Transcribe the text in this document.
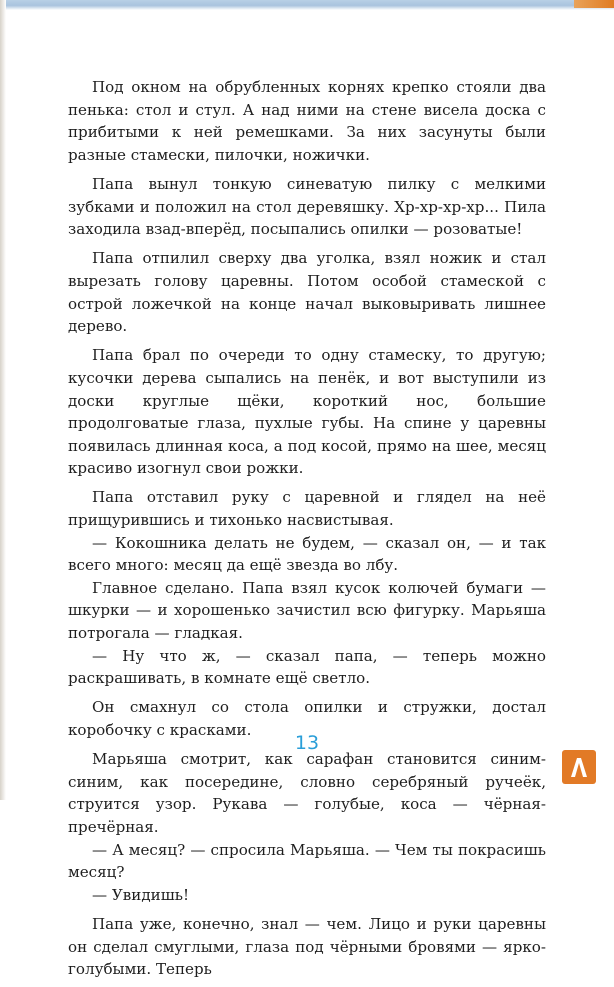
Под окном на обрубленных корнях крепко стояли два пенька: стол и стул. А над ними на стене висела доска с прибитыми к ней ремешками. За них засунуты были разные стамески, пилочки, ножички.

Папа вынул тонкую синеватую пилку с мелкими зубками и положил на стол деревяшку. Хр-хр-хр-хр... Пила заходила взад-вперёд, посыпались опилки — розоватые!

Папа отпилил сверху два уголка, взял ножик и стал вырезать голову царевны. Потом особой стамеской с острой ложечкой на конце начал выковыривать лишнее дерево.

Папа брал по очереди то одну стамеску, то другую; кусочки дерева сыпались на пенёк, и вот выступили из доски круглые щёки, короткий нос, большие продолговатые глаза, пухлые губы. На спине у царевны появилась длинная коса, а под косой, прямо на шее, месяц красиво изогнул свои рожки.

Папа отставил руку с царевной и глядел на неё прищурившись и тихонько насвистывая.

— Кокошника делать не будем, — сказал он, — и так всего много: месяц да ещё звезда во лбу.

Главное сделано. Папа взял кусок колючей бумаги — шкурки — и хорошенько зачистил всю фигурку. Марьяша потрогала — гладкая.

— Ну что ж, — сказал папа, — теперь можно раскрашивать, в комнате ещё светло.

Он смахнул со стола опилки и стружки, достал коробочку с красками.

Марьяша смотрит, как сарафан становится синим-синим, как посередине, словно серебряный ручеёк, струится узор. Рукава — голубые, коса — чёрная-пречёрная.

— А месяц? — спросила Марьяша. — Чем ты покрасишь месяц?

— Увидишь!

Папа уже, конечно, знал — чем. Лицо и руки царевны он сделал смуглыми, глаза под чёрными бровями — ярко-голубыми. Теперь

13
